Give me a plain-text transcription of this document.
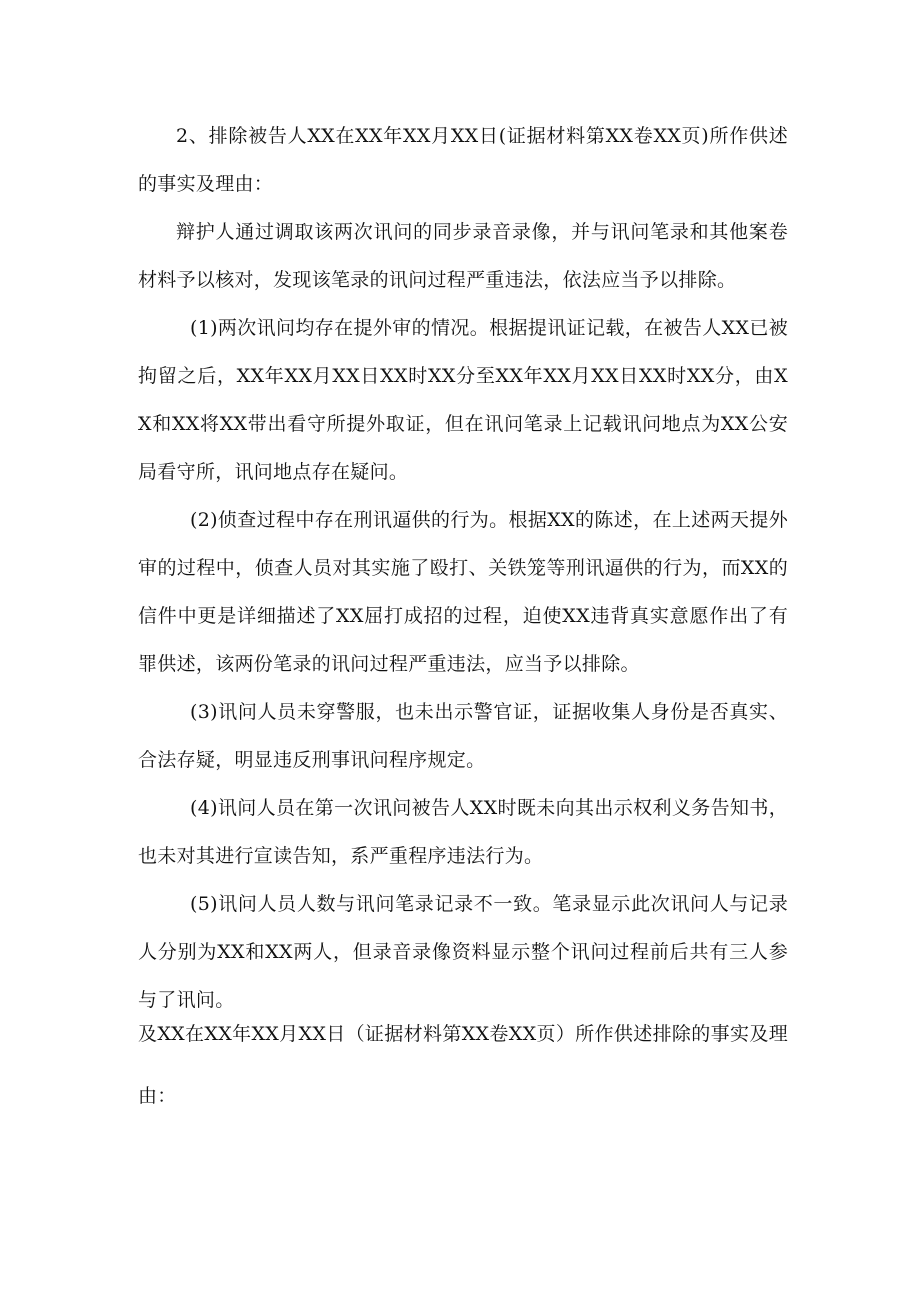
2、排除被告人XX在XX年XX月XX日(证据材料第XX卷XX页)所作供述的事实及理由：

辩护人通过调取该两次讯问的同步录音录像，并与讯问笔录和其他案卷材料予以核对，发现该笔录的讯问过程严重违法，依法应当予以排除。

(1)两次讯问均存在提外审的情况。根据提讯证记载，在被告人XX已被拘留之后，XX年XX月XX日XX时XX分至XX年XX月XX日XX时XX分，由XX和XX将XX带出看守所提外取证，但在讯问笔录上记载讯问地点为XX公安局看守所，讯问地点存在疑问。

(2)侦查过程中存在刑讯逼供的行为。根据XX的陈述，在上述两天提外审的过程中，侦查人员对其实施了殴打、关铁笼等刑讯逼供的行为，而XX的信件中更是详细描述了XX屈打成招的过程，迫使XX违背真实意愿作出了有罪供述，该两份笔录的讯问过程严重违法，应当予以排除。

(3)讯问人员未穿警服，也未出示警官证，证据收集人身份是否真实、合法存疑，明显违反刑事讯问程序规定。

(4)讯问人员在第一次讯问被告人XX时既未向其出示权利义务告知书，也未对其进行宣读告知，系严重程序违法行为。

(5)讯问人员人数与讯问笔录记录不一致。笔录显示此次讯问人与记录人分别为XX和XX两人，但录音录像资料显示整个讯问过程前后共有三人参与了讯问。

及XX在XX年XX月XX日（证据材料第XX卷XX页）所作供述排除的事实及理由：
